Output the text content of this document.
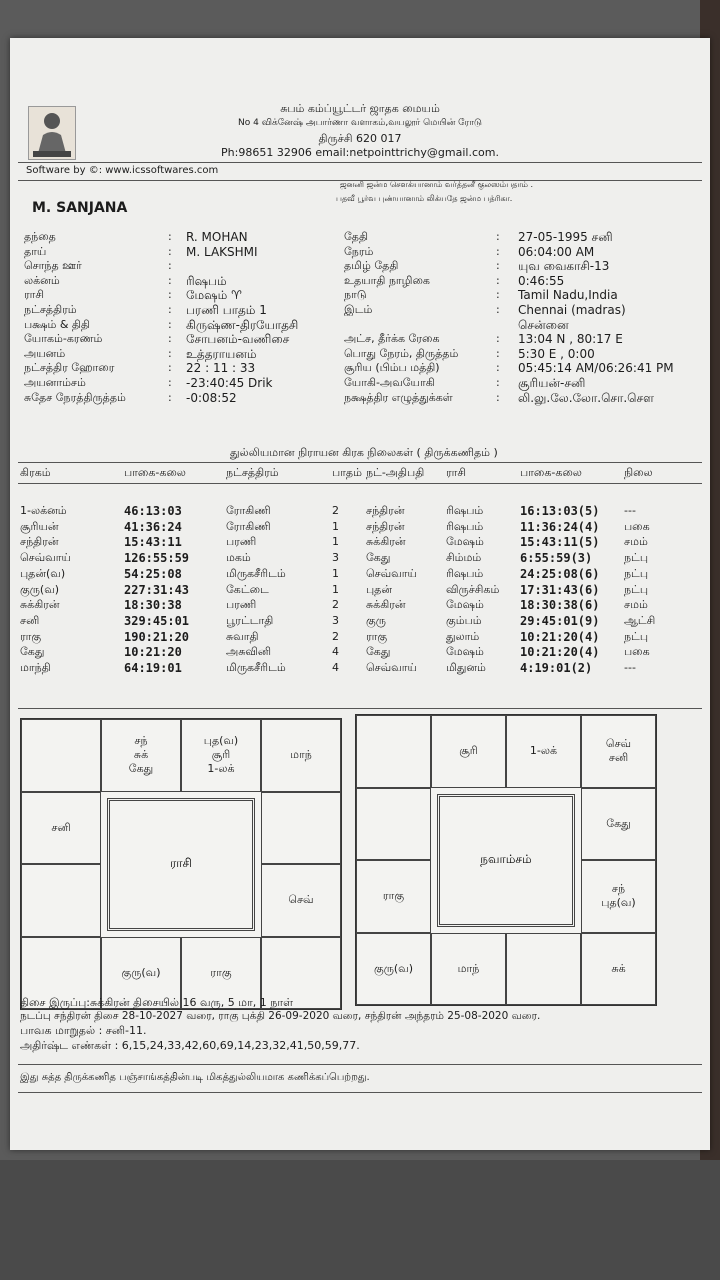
சுபம் கம்ப்யூட்டர் ஜாதக மையம்
No 4 விக்னேஷ் அபார்ணா வளாகம்,வயலூர் மெயின் ரோடு
திருச்சி 620 017
Ph:98651 32906 email:netpointtrichy@gmail.com.
Software by ©: www.icssoftwares.com
ஜனனி ஜன்ம சௌக்யானாம் வர்த்தனீ குலஸம்பதாம் .
பதவீ பூர்வ புண்யானாம் லிக்யதே ஜன்ம பத்ரிகா.
M. SANJANA
தந்தை	: R. MOHAN
தாய்	: M. LAKSHMI
சொந்த ஊர்	:
லக்னம்	: ரிஷபம்
ராசி	: மேஷம் ♈
நட்சத்திரம்	: பரணி பாதம் 1
பக்ஷம் & திதி	: கிருஷ்ண-திரயோதசி
யோகம்-கரணம்	: சோபனம்-வணிசை
அயனம்	: உத்தராயனம்
நட்சத்திர ஹோரை	: 22 : 11 : 33
அயனாம்சம்	: -23:40:45 Drik
சுதேச நேரத்திருத்தம்	: -0:08:52
தேதி	: 27-05-1995 சனி
நேரம்	: 06:04:00 AM
தமிழ் தேதி	: யுவ வைகாசி-13
உதயாதி நாழிகை	: 0:46:55
நாடு	: Tamil Nadu,India
இடம்	: Chennai (madras)
சென்னை
அட்ச, தீர்க்க ரேகை	: 13:04 N , 80:17 E
பொது நேரம், திருத்தம்	: 5:30 E , 0:00
சூரிய (பிம்ப மத்தி)	: 05:45:14 AM/06:26:41 PM
யோகி-அவயோகி	: சூரியன்-சனி
நக்ஷத்திர எழுத்துக்கள்	: லி.லு.லே.லோ.சொ.சௌ
துல்லியமான நிராயன கிரக நிலைகள் ( திருக்கணிதம் )
கிரகம்	பாகை-கலை	நட்சத்திரம்	பாதம் நட்-அதிபதி ராசி	பாகை-கலை	நிலை
1-லக்னம்	46:13:03	ரோகிணி	2 சந்திரன்	ரிஷபம்	16:13:03(5) ---
சூரியன்	41:36:24	ரோகிணி	1 சந்திரன்	ரிஷபம்	11:36:24(4) பகை
சந்திரன்	15:43:11	பரணி	1 சுக்கிரன்	மேஷம்	15:43:11(5) சமம்
செவ்வாய்	126:55:59	மகம்	3 கேது	சிம்மம்	6:55:59(3)	நட்பு
புதன்(வ)	54:25:08	மிருகசீரிடம்	1 செவ்வாய்	ரிஷபம்	24:25:08(6) நட்பு
குரு(வ)	227:31:43	கேட்டை	1 புதன்	விருச்சிகம் 17:31:43(6) நட்பு
சுக்கிரன்	18:30:38	பரணி	2 சுக்கிரன்	மேஷம்	18:30:38(6) சமம்
சனி	329:45:01	பூரட்டாதி	3 குரு	கும்பம்	29:45:01(9) ஆட்சி
ராகு	190:21:20	சுவாதி	2 ராகு	துலாம்	10:21:20(4) நட்பு
கேது	10:21:20	அசுவினி	4 கேது	மேஷம்	10:21:20(4) பகை
மாந்தி	64:19:01	மிருகசீரிடம்	4 செவ்வாய்	மிதுனம்	4:19:01(2)	---
சந்
சுக்
கேது
புத(வ)
சூரி
1-லக்
மாந்
சனி
செவ்
குரு(வ)	ராகு
ராசி
சூரி	1-லக்
செவ்
சனி
கேது
ராகு
சந்
புத(வ)
குரு(வ)	மாந்	சுக்
நவாம்சம்
திசை இருப்பு:சுக்கிரன் திசையில் 16 வரு, 5 மா, 1 நாள்
நடப்பு சந்திரன் திசை 28-10-2027 வரை, ராகு புக்தி 26-09-2020 வரை, சந்திரன் அந்தரம் 25-08-2020 வரை.
பாவக மாறுதல் : சனி-11.
அதிர்ஷ்ட எண்கள் : 6,15,24,33,42,60,69,14,23,32,41,50,59,77.
இது சுத்த திருக்கணித பஞ்சாங்கத்தின்படி மிகத்துல்லியமாக கணிக்கப்பெற்றது.
